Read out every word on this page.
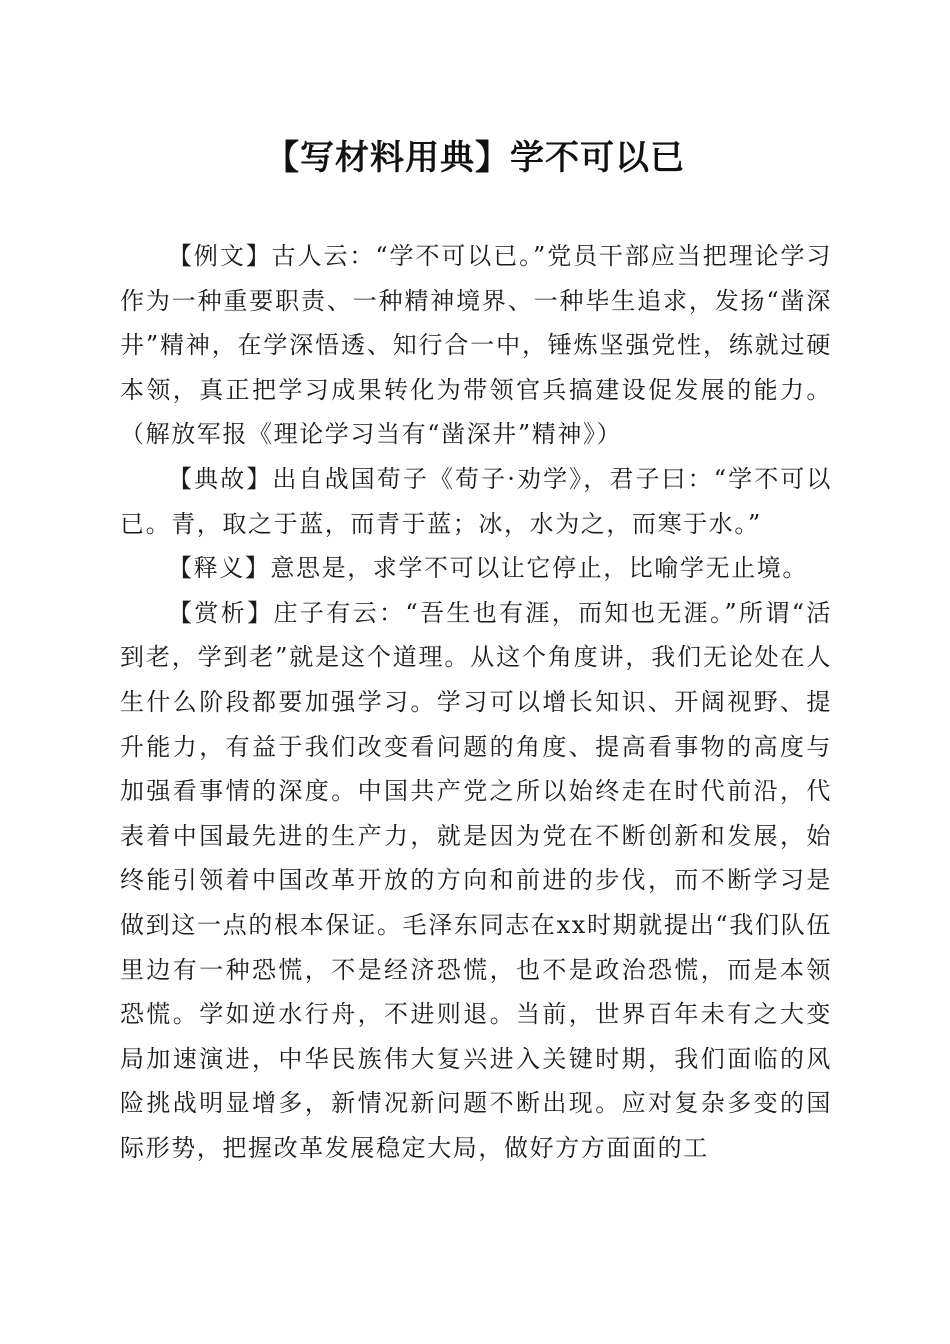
【写材料用典】学不可以已

【例文】古人云：“学不可以已。”党员干部应当把理论学习作为一种重要职责、一种精神境界、一种毕生追求，发扬“凿深井”精神，在学深悟透、知行合一中，锤炼坚强党性，练就过硬本领，真正把学习成果转化为带领官兵搞建设促发展的能力。（解放军报《理论学习当有“凿深井”精神》）

【典故】出自战国荀子《荀子·劝学》，君子曰：“学不可以已。青，取之于蓝，而青于蓝；冰，水为之，而寒于水。”

【释义】意思是，求学不可以让它停止，比喻学无止境。

【赏析】庄子有云：“吾生也有涯，而知也无涯。”所谓“活到老，学到老”就是这个道理。从这个角度讲，我们无论处在人生什么阶段都要加强学习。学习可以增长知识、开阔视野、提升能力，有益于我们改变看问题的角度、提高看事物的高度与加强看事情的深度。中国共产党之所以始终走在时代前沿，代表着中国最先进的生产力，就是因为党在不断创新和发展，始终能引领着中国改革开放的方向和前进的步伐，而不断学习是做到这一点的根本保证。毛泽东同志在xx时期就提出“我们队伍里边有一种恐慌，不是经济恐慌，也不是政治恐慌，而是本领恐慌。学如逆水行舟，不进则退。当前，世界百年未有之大变局加速演进，中华民族伟大复兴进入关键时期，我们面临的风险挑战明显增多，新情况新问题不断出现。应对复杂多变的国际形势，把握改革发展稳定大局，做好方方面面的工
